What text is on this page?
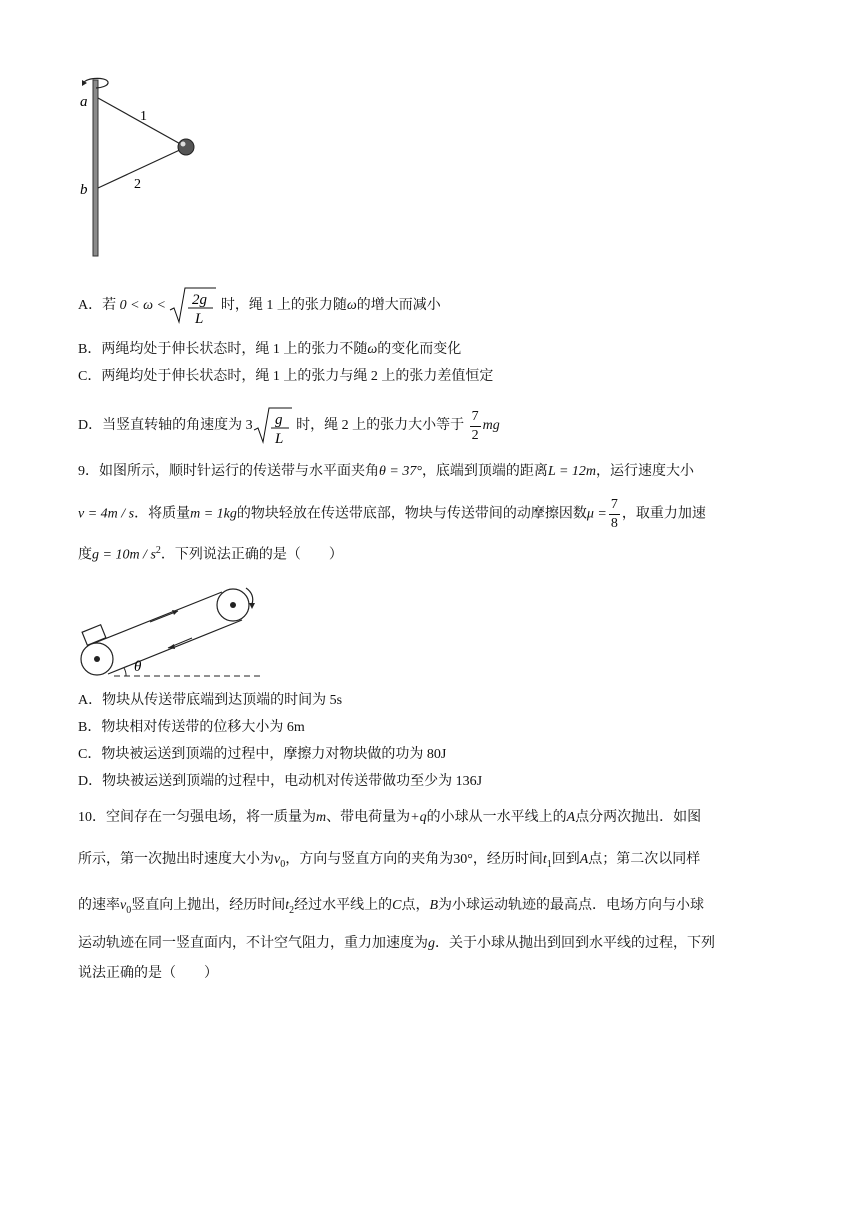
a
b
1
2
A．若 0 < ω < 2g
L
时，绳 1 上的张力随ω的增大而减小
B．两绳均处于伸长状态时，绳 1 上的张力不随ω的变化而变化
C．两绳均处于伸长状态时，绳 1 上的张力与绳 2 上的张力差值恒定
D．当竖直转轴的角速度为 3 g
L
时，绳 2 上的张力大小等于 $\frac{7}{2}$ mg
9．如图所示，顺时针运行的传送带与水平面夹角θ = 37°，底端到顶端的距离L = 12m，运行速度大小
v = 4m / s．将质量m = 1kg的物块轻放在传送带底部，物块与传送带间的动摩擦因数$\mu = \frac{7}{8}$ ，取重力加速
度$g = 10m / s^2$．下列说法正确的是（　　）
θ
A．物块从传送带底端到达顶端的时间为 5s
B．物块相对传送带的位移大小为 6m
C．物块被运送到顶端的过程中，摩擦力对物块做的功为 80J
D．物块被运送到顶端的过程中，电动机对传送带做功至少为 136J
10．空间存在一匀强电场，将一质量为m、带电荷量为+q的小球从一水平线上的A点分两次抛出．如图
所示，第一次抛出时速度大小为$v_0$，方向与竖直方向的夹角为30°，经历时间$t_1$回到A点；第二次以同样
的速率$v_0$竖直向上抛出，经历时间$t_2$经过水平线上的C点，B为小球运动轨迹的最高点．电场方向与小球
运动轨迹在同一竖直面内，不计空气阻力，重力加速度为g．关于小球从抛出到回到水平线的过程，下列
说法正确的是（　　）
